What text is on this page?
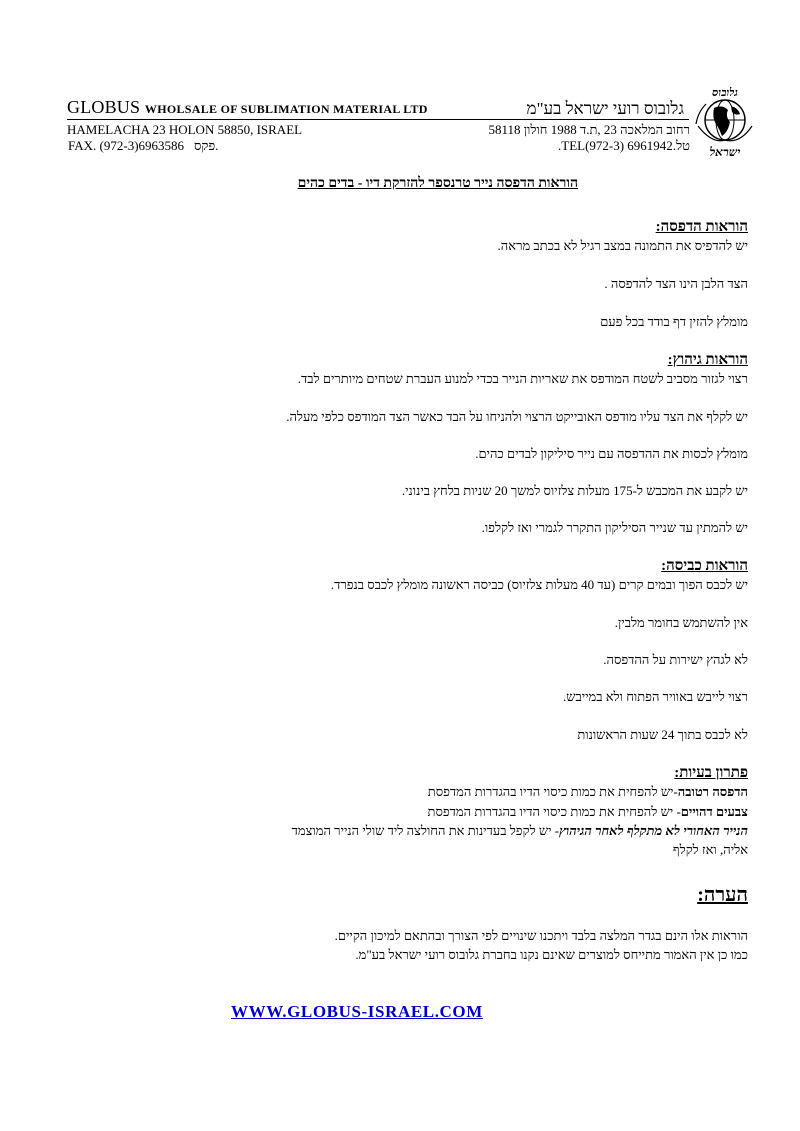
גלובוס
ישראל
GLOBUS WHOLSALE OF SUBLIMATION MATERIAL LTD	גלובוס רועי ישראל בע"מ
HAMELACHA 23 HOLON 58850, ISRAEL	רחוב המלאכה 23 ,ת.ד 1988 חולון 58118
FAX. (972-3)6963586 פקס.	.TEL(972-3) 6961942.טל
הוראות הדפסה נייר טרנספר להזרקת דיו - בדים כהים
הוראות הדפסה:
יש להדפיס את התמונה במצב רגיל לא בכתב מראה.
הצד הלבן הינו הצד להדפסה .
מומלץ להזין דף בודד בכל פעם
הוראות גיהוץ:
רצוי לגזור מסביב לשטח המודפס את שאריות הנייר בכדי למנוע העברת שטחים מיותרים לבד.
יש לקלף את הצד עליו מודפס האובייקט הרצוי ולהניחו על הבד כאשר הצד המודפס כלפי מעלה.
מומלץ לכסות את ההדפסה עם נייר סיליקון לבדים כהים.
יש לקבע את המכבש ל-175 מעלות צלזיוס למשך 20 שניות בלחץ בינוני.
יש להמתין עד שנייר הסיליקון התקרר לגמרי ואז לקלפו.
הוראות כביסה:
יש לכבס הפוך ובמים קרים (עד 40 מעלות צלזיוס) כביסה ראשונה מומלץ לכבס בנפרד.
אין להשתמש בחומר מלבין.
לא לגהץ ישירות על ההדפסה.
רצוי לייבש באוויר הפתוח ולא במייבש.
לא לכבס בתוך 24 שעות הראשונות
פתרון בעיות:
הדפסה רטובה-יש להפחית את כמות כיסוי הדיו בהגדרות המדפסת
צבעים דהויים- יש להפחית את כמות כיסוי הדיו בהגדרות המדפסת
הנייר האחורי לא מתקלף לאחר הגיהוץ- יש לקפל בעדינות את החולצה ליד שולי הנייר המוצמד
אליה, ואז לקלף
הערה:
הוראות אלו הינם בגדר המלצה בלבד ויתכנו שינויים לפי הצורך ובהתאם למיכון הקיים.
כמו כן אין האמור מתייחס למוצרים שאינם נקנו בחברת גלובוס רועי ישראל בע"מ.
WWW.GLOBUS-ISRAEL.COM
